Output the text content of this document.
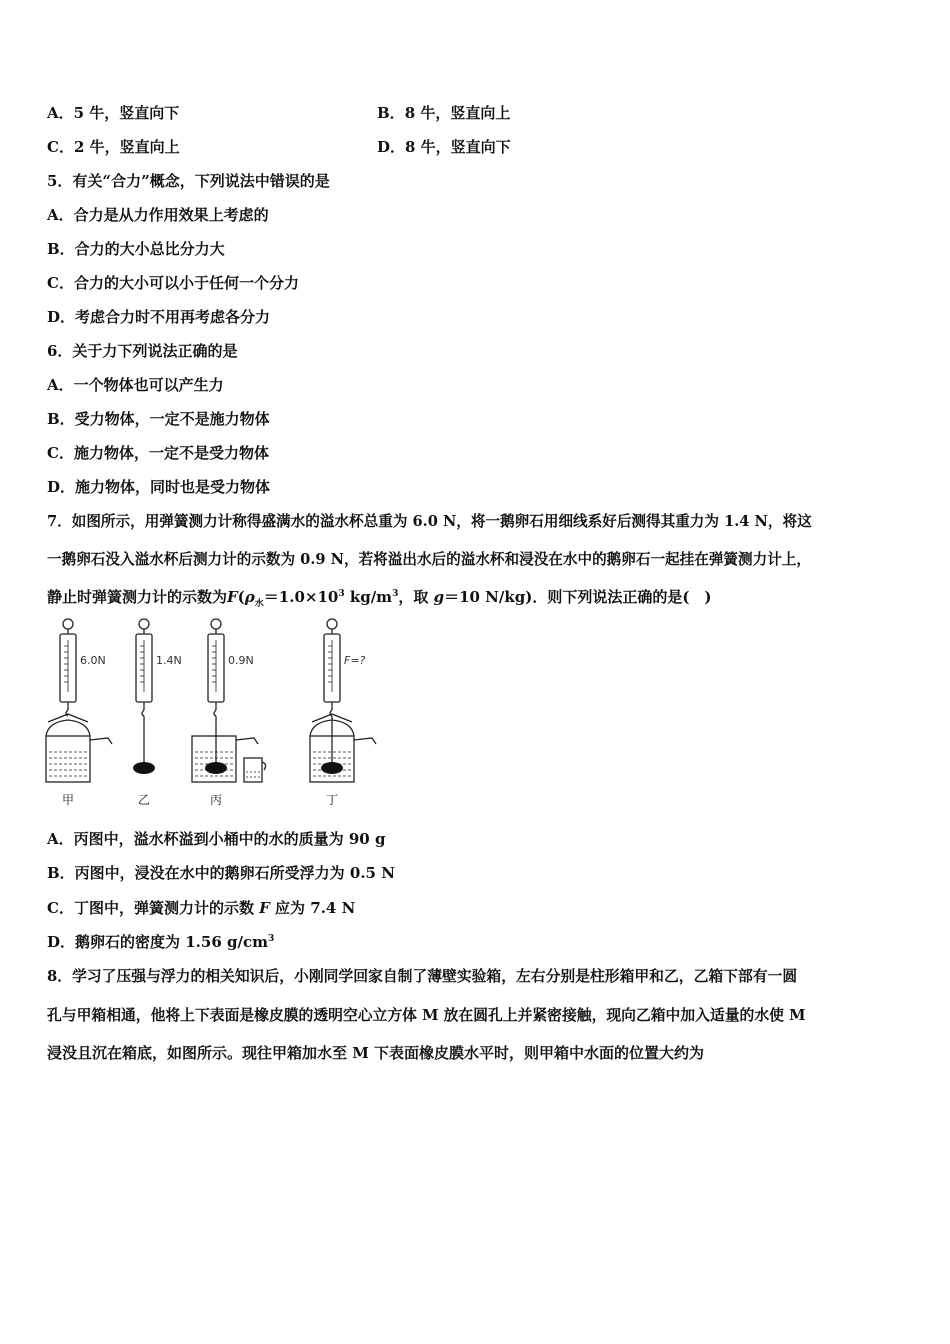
A．5 牛，竖直向下	B．8 牛，竖直向上
C．2 牛，竖直向上	D．8 牛，竖直向下
5．有关“合力”概念，下列说法中错误的是
A．合力是从力作用效果上考虑的
B．合力的大小总比分力大
C．合力的大小可以小于任何一个分力
D．考虑合力时不用再考虑各分力
6．关于力下列说法正确的是
A．一个物体也可以产生力
B．受力物体，一定不是施力物体
C．施力物体，一定不是受力物体
D．施力物体，同时也是受力物体
7．如图所示，用弹簧测力计称得盛满水的溢水杯总重为 6.0 N，将一鹅卵石用细线系好后测得其重力为 1.4 N，将这
一鹅卵石没入溢水杯后测力计的示数为 0.9 N，若将溢出水后的溢水杯和浸没在水中的鹅卵石一起挂在弹簧测力计上，
静止时弹簧测力计的示数为$F(\rho_水=1.0\times 10^3$ $kg/m^3$，取 g＝10 N/kg)．则下列说法正确的是(　)
6.0N	1.4N	0.9N	F=?
甲	乙	丙	丁
A．丙图中，溢水杯溢到小桶中的水的质量为 90 g
B．丙图中，浸没在水中的鹅卵石所受浮力为 0.5 N
C．丁图中，弹簧测力计的示数 F 应为 7.4 N
D．鹅卵石的密度为 1.56 $g/cm^3$
8．学习了压强与浮力的相关知识后，小刚同学回家自制了薄壁实验箱，左右分别是柱形箱甲和乙，乙箱下部有一圆
孔与甲箱相通，他将上下表面是橡皮膜的透明空心立方体 M 放在圆孔上并紧密接触，现向乙箱中加入适量的水使 M
浸没且沉在箱底，如图所示。现往甲箱加水至 M 下表面橡皮膜水平时，则甲箱中水面的位置大约为
